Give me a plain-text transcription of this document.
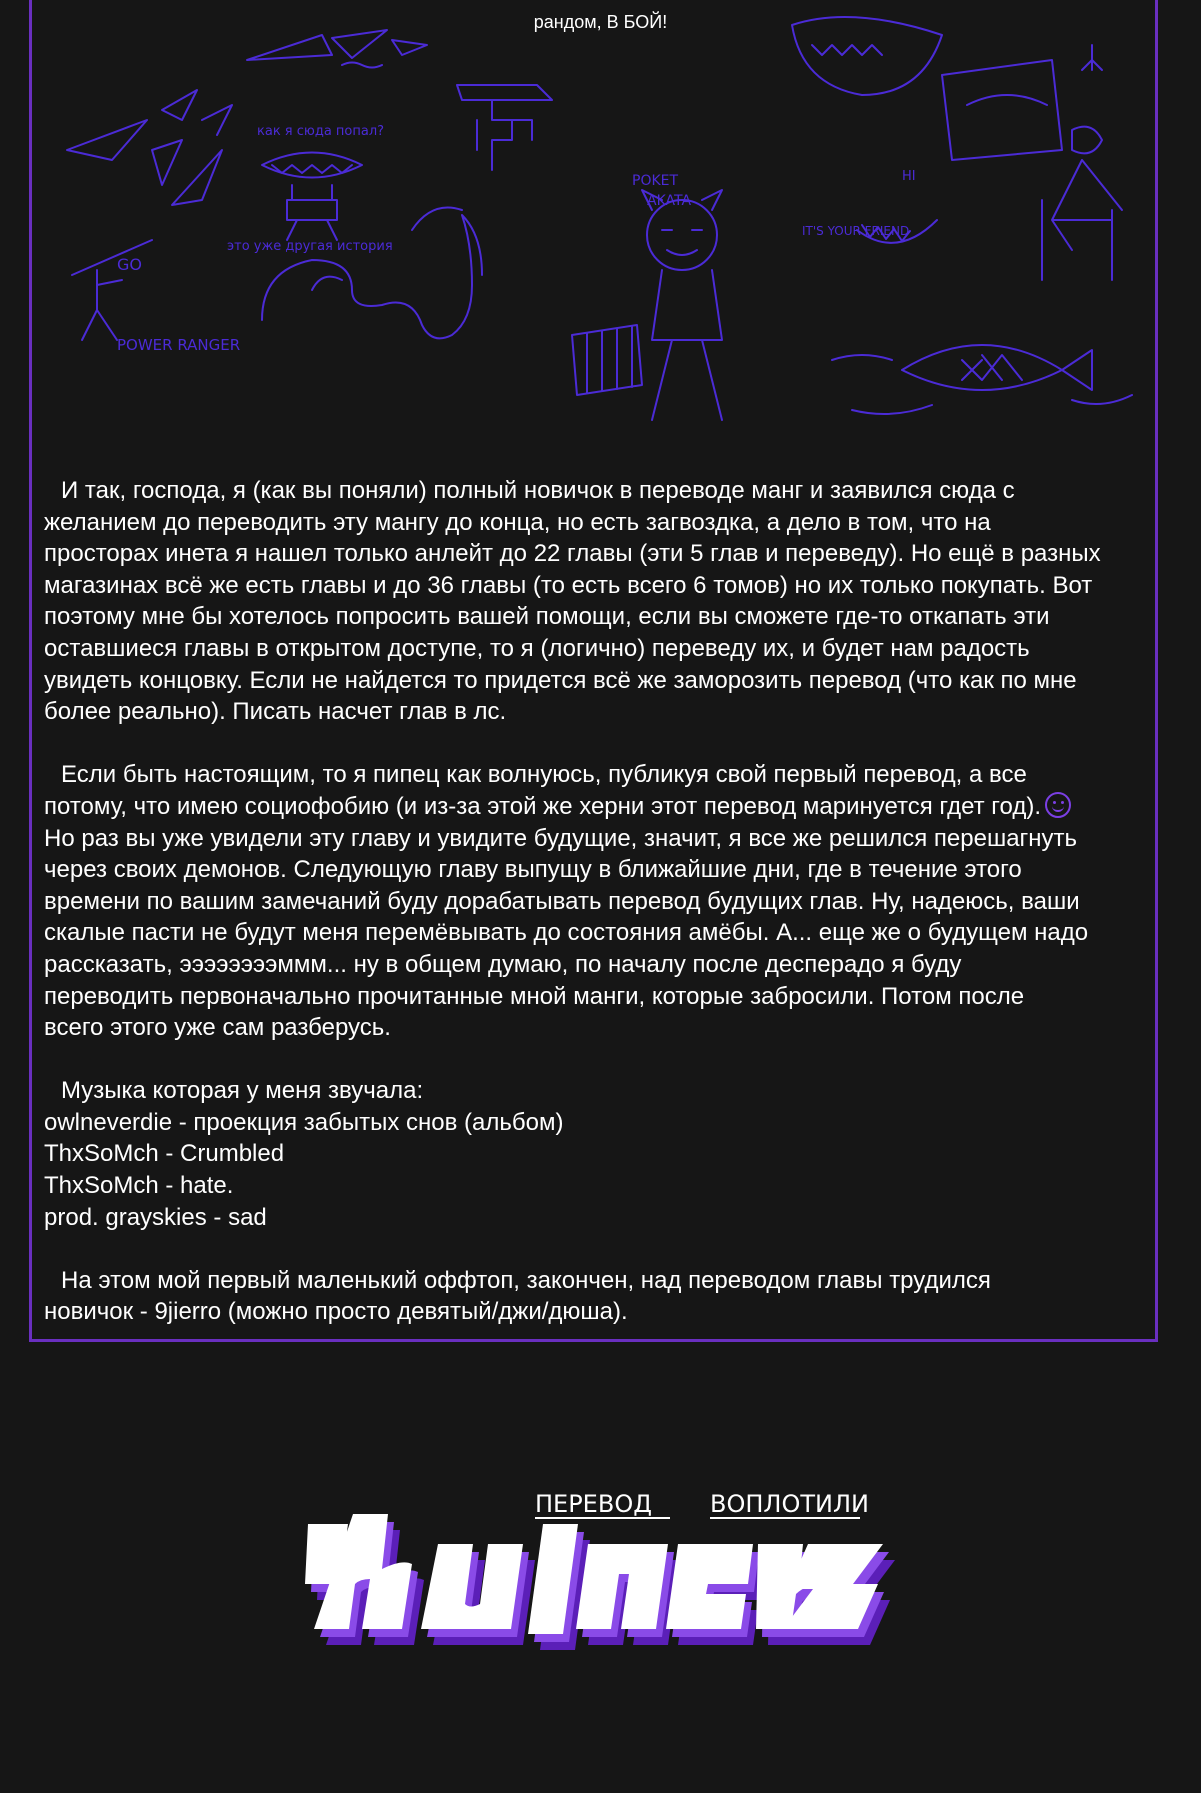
рандом, В БОЙ!
как я сюда попал?
это уже другая история
GO
POWER RANGER
POKET
AKATA
HI
IT'S YOUR FRIEND
И так, господа, я (как вы поняли) полный новичок в переводе манг и заявился сюда с
желанием до переводить эту мангу до конца, но есть загвоздка, а дело в том, что на
просторах инета я нашел только анлейт до 22 главы (эти 5 глав и переведу). Но ещё в разных
магазинах всё же есть главы и до 36 главы (то есть всего 6 томов) но их только покупать. Вот
поэтому мне бы хотелось попросить вашей помощи, если вы сможете где-то откапать эти
оставшиеся главы в открытом доступе, то я (логично) переведу их, и будет нам радость
увидеть концовку. Если не найдется то придется всё же заморозить перевод (что как по мне
более реально). Писать насчет глав в лс.
Если быть настоящим, то я пипец как волнуюсь, публикуя свой первый перевод, а все
потому, что имею социофобию (и из-за этой же херни этот перевод маринуется гдет год).
Но раз вы уже увидели эту главу и увидите будущие, значит, я все же решился перешагнуть
через своих демонов. Следующую главу выпущу в ближайшие дни, где в течение этого
времени по вашим замечаний буду дорабатывать перевод будущих глав. Ну, надеюсь, ваши
скалые пасти не будут меня перемёвывать до состояния амёбы. А... еще же о будущем надо
рассказать, ээээээээммм... ну в общем думаю, по началу после десперадо я буду
переводить первоначально прочитанные мной манги, которые забросили. Потом после
всего этого уже сам разберусь.
Музыка которая у меня звучала:
owlneverdie - проекция забытых снов (альбом)
ThxSoMch - Crumbled
ThxSoMch - hate.
prod. grayskies - sad
На этом мой первый маленький оффтоп, закончен, над переводом главы трудился
новичок - 9jierro (можно просто девятый/джи/дюша).
ПЕРЕВОД ВОПЛОТИЛИ
